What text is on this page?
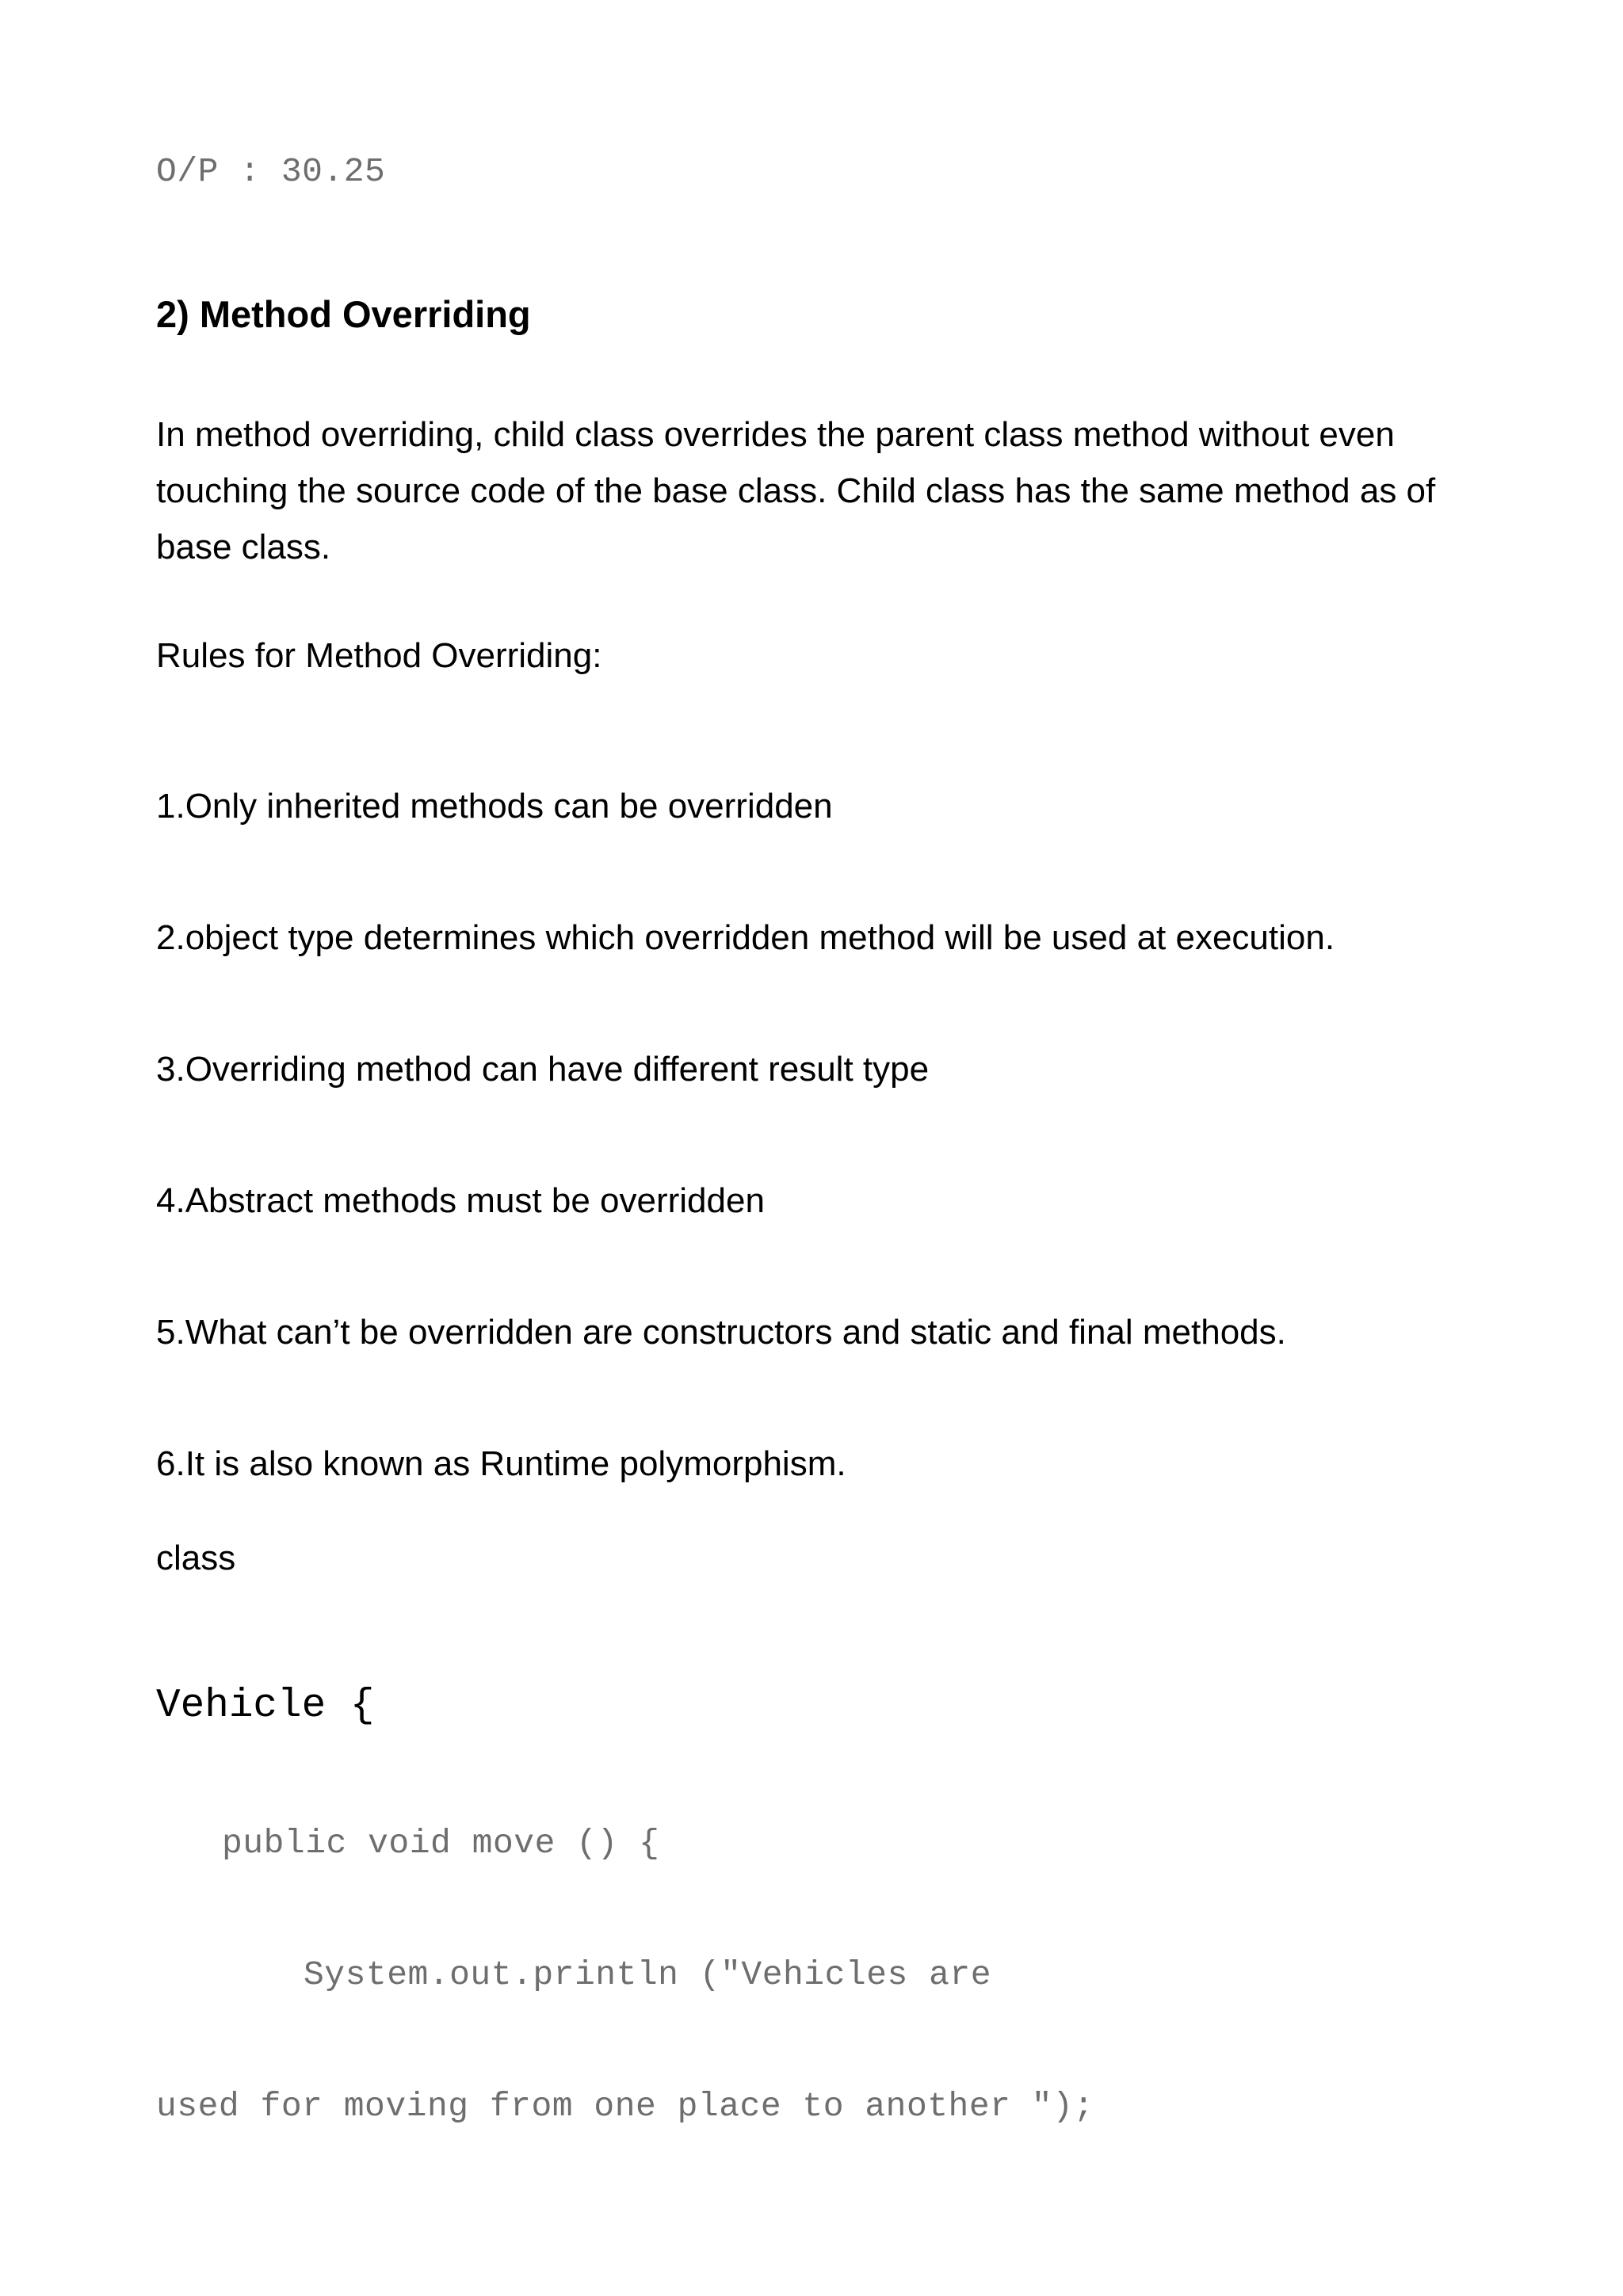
O/P : 30.25
2) Method Overriding
In method overriding, child class overrides the parent class method without even
touching the source code of the base class. Child class has the same method as of
base class.
Rules for Method Overriding:
1.Only inherited methods can be overridden
2.object type determines which overridden method will be used at execution.
3.Overriding method can have different result type
4.Abstract methods must be overridden
5.What can’t be overridden are constructors and static and final methods.
6.It is also known as Runtime polymorphism.
class
Vehicle {
public void move () {
System.out.println ("Vehicles are
used for moving from one place to another ");
